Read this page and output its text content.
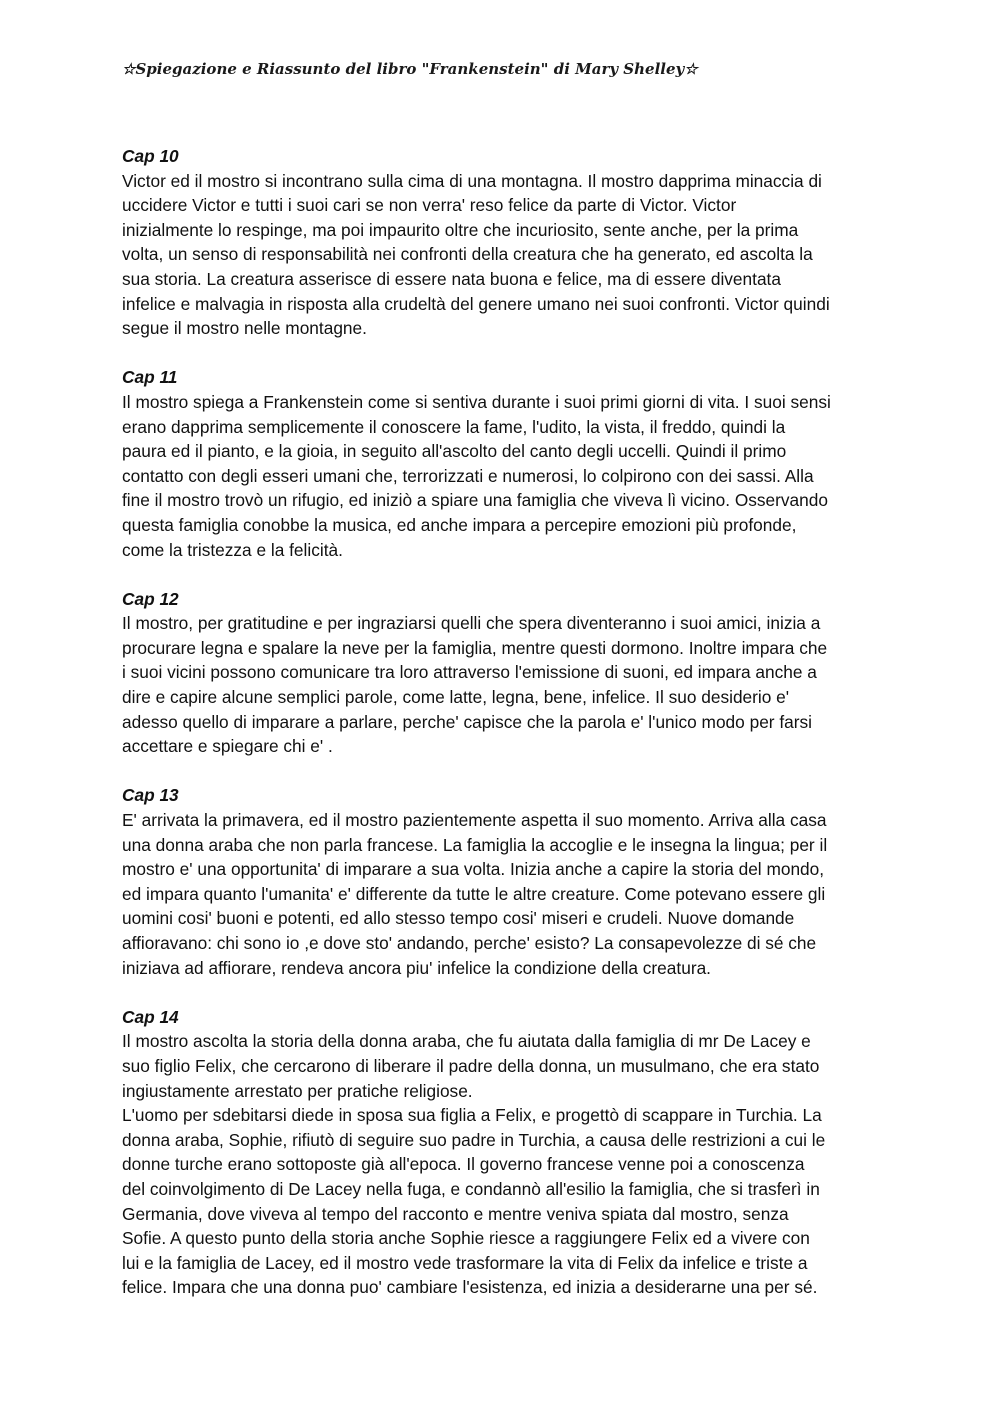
☆Spiegazione e Riassunto del libro "Frankenstein" di Mary Shelley☆
Cap 10
Victor ed il mostro si incontrano sulla cima di una montagna. Il mostro dapprima minaccia di
uccidere Victor e tutti i suoi cari se non verra' reso felice da parte di Victor. Victor
inizialmente lo respinge, ma poi impaurito oltre che incuriosito, sente anche, per la prima
volta, un senso di responsabilità nei confronti della creatura che ha generato, ed ascolta la
sua storia. La creatura asserisce di essere nata buona e felice, ma di essere diventata
infelice e malvagia in risposta alla crudeltà del genere umano nei suoi confronti. Victor quindi
segue il mostro nelle montagne.
Cap 11
Il mostro spiega a Frankenstein come si sentiva durante i suoi primi giorni di vita. I suoi sensi
erano dapprima semplicemente il conoscere la fame, l'udito, la vista, il freddo, quindi la
paura ed il pianto, e la gioia, in seguito all'ascolto del canto degli uccelli. Quindi il primo
contatto con degli esseri umani che, terrorizzati e numerosi, lo colpirono con dei sassi. Alla
fine il mostro trovò un rifugio, ed iniziò a spiare una famiglia che viveva lì vicino. Osservando
questa famiglia conobbe la musica, ed anche impara a percepire emozioni più profonde,
come la tristezza e la felicità.
Cap 12
Il mostro, per gratitudine e per ingraziarsi quelli che spera diventeranno i suoi amici, inizia a
procurare legna e spalare la neve per la famiglia, mentre questi dormono. Inoltre impara che
i suoi vicini possono comunicare tra loro attraverso l'emissione di suoni, ed impara anche a
dire e capire alcune semplici parole, come latte, legna, bene, infelice. Il suo desiderio e'
adesso quello di imparare a parlare, perche' capisce che la parola e' l'unico modo per farsi
accettare e spiegare chi e' .
Cap 13
E' arrivata la primavera, ed il mostro pazientemente aspetta il suo momento. Arriva alla casa
una donna araba che non parla francese. La famiglia la accoglie e le insegna la lingua; per il
mostro e' una opportunita' di imparare a sua volta. Inizia anche a capire la storia del mondo,
ed impara quanto l'umanita' e' differente da tutte le altre creature. Come potevano essere gli
uomini cosi' buoni e potenti, ed allo stesso tempo cosi' miseri e crudeli. Nuove domande
affioravano: chi sono io ,e dove sto' andando, perche' esisto? La consapevolezze di sé che
iniziava ad affiorare, rendeva ancora piu' infelice la condizione della creatura.
Cap 14
Il mostro ascolta la storia della donna araba, che fu aiutata dalla famiglia di mr De Lacey e
suo figlio Felix, che cercarono di liberare il padre della donna, un musulmano, che era stato
ingiustamente arrestato per pratiche religiose.
L'uomo per sdebitarsi diede in sposa sua figlia a Felix, e progettò di scappare in Turchia. La
donna araba, Sophie, rifiutò di seguire suo padre in Turchia, a causa delle restrizioni a cui le
donne turche erano sottoposte già all'epoca. Il governo francese venne poi a conoscenza
del coinvolgimento di De Lacey nella fuga, e condannò all'esilio la famiglia, che si trasferì in
Germania, dove viveva al tempo del racconto e mentre veniva spiata dal mostro, senza
Sofie. A questo punto della storia anche Sophie riesce a raggiungere Felix ed a vivere con
lui e la famiglia de Lacey, ed il mostro vede trasformare la vita di Felix da infelice e triste a
felice. Impara che una donna puo' cambiare l'esistenza, ed inizia a desiderarne una per sé.
